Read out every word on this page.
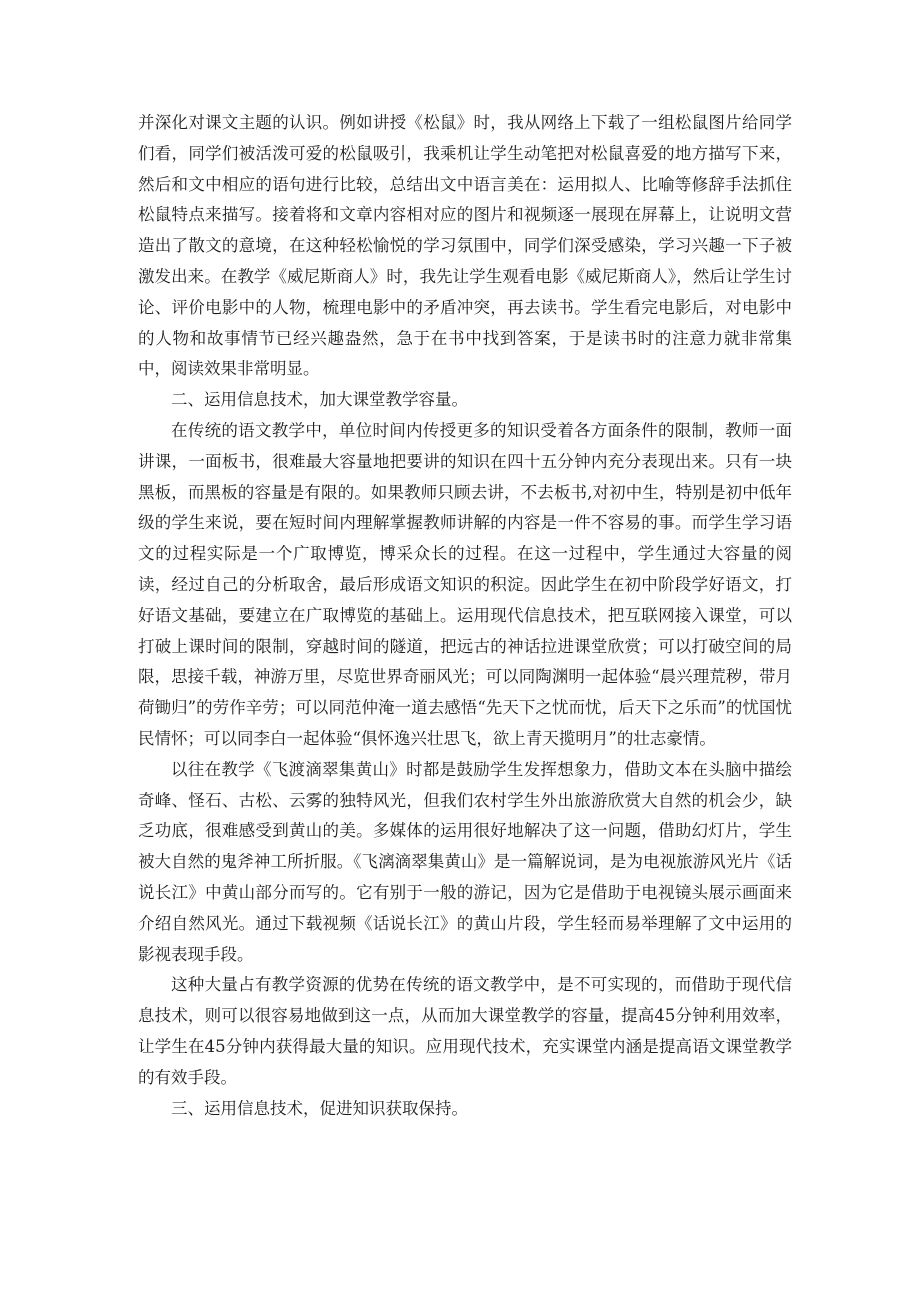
并深化对课文主题的认识。例如讲授《松鼠》时，我从网络上下载了一组松鼠图片给同学们看，同学们被活泼可爱的松鼠吸引，我乘机让学生动笔把对松鼠喜爱的地方描写下来，然后和文中相应的语句进行比较，总结出文中语言美在：运用拟人、比喻等修辞手法抓住松鼠特点来描写。接着将和文章内容相对应的图片和视频逐一展现在屏幕上，让说明文营造出了散文的意境，在这种轻松愉悦的学习氛围中，同学们深受感染，学习兴趣一下子被激发出来。在教学《威尼斯商人》时，我先让学生观看电影《威尼斯商人》，然后让学生讨论、评价电影中的人物，梳理电影中的矛盾冲突，再去读书。学生看完电影后，对电影中的人物和故事情节已经兴趣盎然，急于在书中找到答案，于是读书时的注意力就非常集中，阅读效果非常明显。

二、运用信息技术，加大课堂教学容量。

在传统的语文教学中，单位时间内传授更多的知识受着各方面条件的限制，教师一面讲课，一面板书，很难最大容量地把要讲的知识在四十五分钟内充分表现出来。只有一块黑板，而黑板的容量是有限的。如果教师只顾去讲，不去板书,对初中生，特别是初中低年级的学生来说，要在短时间内理解掌握教师讲解的内容是一件不容易的事。而学生学习语文的过程实际是一个广取博览，博采众长的过程。在这一过程中，学生通过大容量的阅读，经过自己的分析取舍，最后形成语文知识的积淀。因此学生在初中阶段学好语文，打好语文基础，要建立在广取博览的基础上。运用现代信息技术，把互联网接入课堂，可以打破上课时间的限制，穿越时间的隧道，把远古的神话拉进课堂欣赏；可以打破空间的局限，思接千载，神游万里，尽览世界奇丽风光；可以同陶渊明一起体验“晨兴理荒秽，带月荷锄归”的劳作辛劳；可以同范仲淹一道去感悟“先天下之忧而忧，后天下之乐而”的忧国忧民情怀；可以同李白一起体验“俱怀逸兴壮思飞，欲上青天揽明月”的壮志豪情。

以往在教学《飞渡滴翠集黄山》时都是鼓励学生发挥想象力，借助文本在头脑中描绘奇峰、怪石、古松、云雾的独特风光，但我们农村学生外出旅游欣赏大自然的机会少，缺乏功底，很难感受到黄山的美。多媒体的运用很好地解决了这一问题，借助幻灯片，学生被大自然的鬼斧神工所折服。《飞漓滴翠集黄山》是一篇解说词，是为电视旅游风光片《话说长江》中黄山部分而写的。它有别于一般的游记，因为它是借助于电视镜头展示画面来介绍自然风光。通过下载视频《话说长江》的黄山片段，学生轻而易举理解了文中运用的影视表现手段。

这种大量占有教学资源的优势在传统的语文教学中，是不可实现的，而借助于现代信息技术，则可以很容易地做到这一点，从而加大课堂教学的容量，提高45分钟利用效率，让学生在45分钟内获得最大量的知识。应用现代技术，充实课堂内涵是提高语文课堂教学的有效手段。

三、运用信息技术，促进知识获取保持。
